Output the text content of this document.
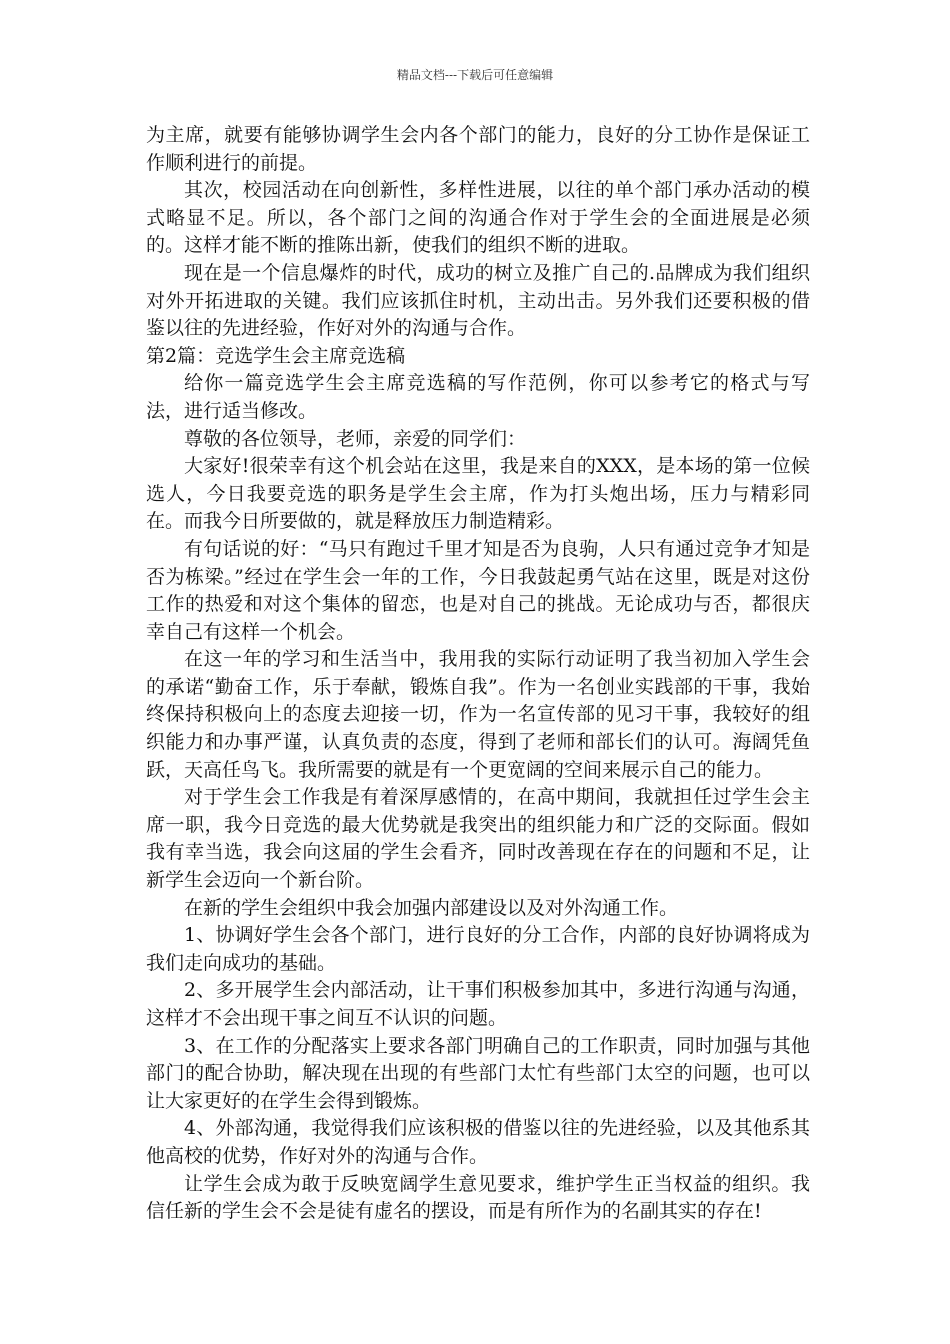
精品文档---下载后可任意编辑

为主席，就要有能够协调学生会内各个部门的能力，良好的分工协作是保证工作顺利进行的前提。

其次，校园活动在向创新性，多样性进展，以往的单个部门承办活动的模式略显不足。所以，各个部门之间的沟通合作对于学生会的全面进展是必须的。这样才能不断的推陈出新，使我们的组织不断的进取。

现在是一个信息爆炸的时代，成功的树立及推广自己的.品牌成为我们组织对外开拓进取的关键。我们应该抓住时机，主动出击。另外我们还要积极的借鉴以往的先进经验，作好对外的沟通与合作。

第2篇：竞选学生会主席竞选稿

给你一篇竞选学生会主席竞选稿的写作范例，你可以参考它的格式与写法，进行适当修改。

尊敬的各位领导，老师，亲爱的同学们：

大家好!很荣幸有这个机会站在这里，我是来自的XXX，是本场的第一位候选人，今日我要竞选的职务是学生会主席，作为打头炮出场，压力与精彩同在。而我今日所要做的，就是释放压力制造精彩。

有句话说的好：“马只有跑过千里才知是否为良驹，人只有通过竞争才知是否为栋梁。”经过在学生会一年的工作，今日我鼓起勇气站在这里，既是对这份工作的热爱和对这个集体的留恋，也是对自己的挑战。无论成功与否，都很庆幸自己有这样一个机会。

在这一年的学习和生活当中，我用我的实际行动证明了我当初加入学生会的承诺“勤奋工作，乐于奉献，锻炼自我”。作为一名创业实践部的干事，我始终保持积极向上的态度去迎接一切，作为一名宣传部的见习干事，我较好的组织能力和办事严谨，认真负责的态度，得到了老师和部长们的认可。海阔凭鱼跃，天高任鸟飞。我所需要的就是有一个更宽阔的空间来展示自己的能力。

对于学生会工作我是有着深厚感情的，在高中期间，我就担任过学生会主席一职，我今日竞选的最大优势就是我突出的组织能力和广泛的交际面。假如我有幸当选，我会向这届的学生会看齐，同时改善现在存在的问题和不足，让新学生会迈向一个新台阶。

在新的学生会组织中我会加强内部建设以及对外沟通工作。

1、协调好学生会各个部门，进行良好的分工合作，内部的良好协调将成为我们走向成功的基础。

2、多开展学生会内部活动，让干事们积极参加其中，多进行沟通与沟通，这样才不会出现干事之间互不认识的问题。

3、在工作的分配落实上要求各部门明确自己的工作职责，同时加强与其他部门的配合协助，解决现在出现的有些部门太忙有些部门太空的问题，也可以让大家更好的在学生会得到锻炼。

4、外部沟通，我觉得我们应该积极的借鉴以往的先进经验，以及其他系其他高校的优势，作好对外的沟通与合作。

让学生会成为敢于反映宽阔学生意见要求，维护学生正当权益的组织。我信任新的学生会不会是徒有虚名的摆设，而是有所作为的名副其实的存在!
